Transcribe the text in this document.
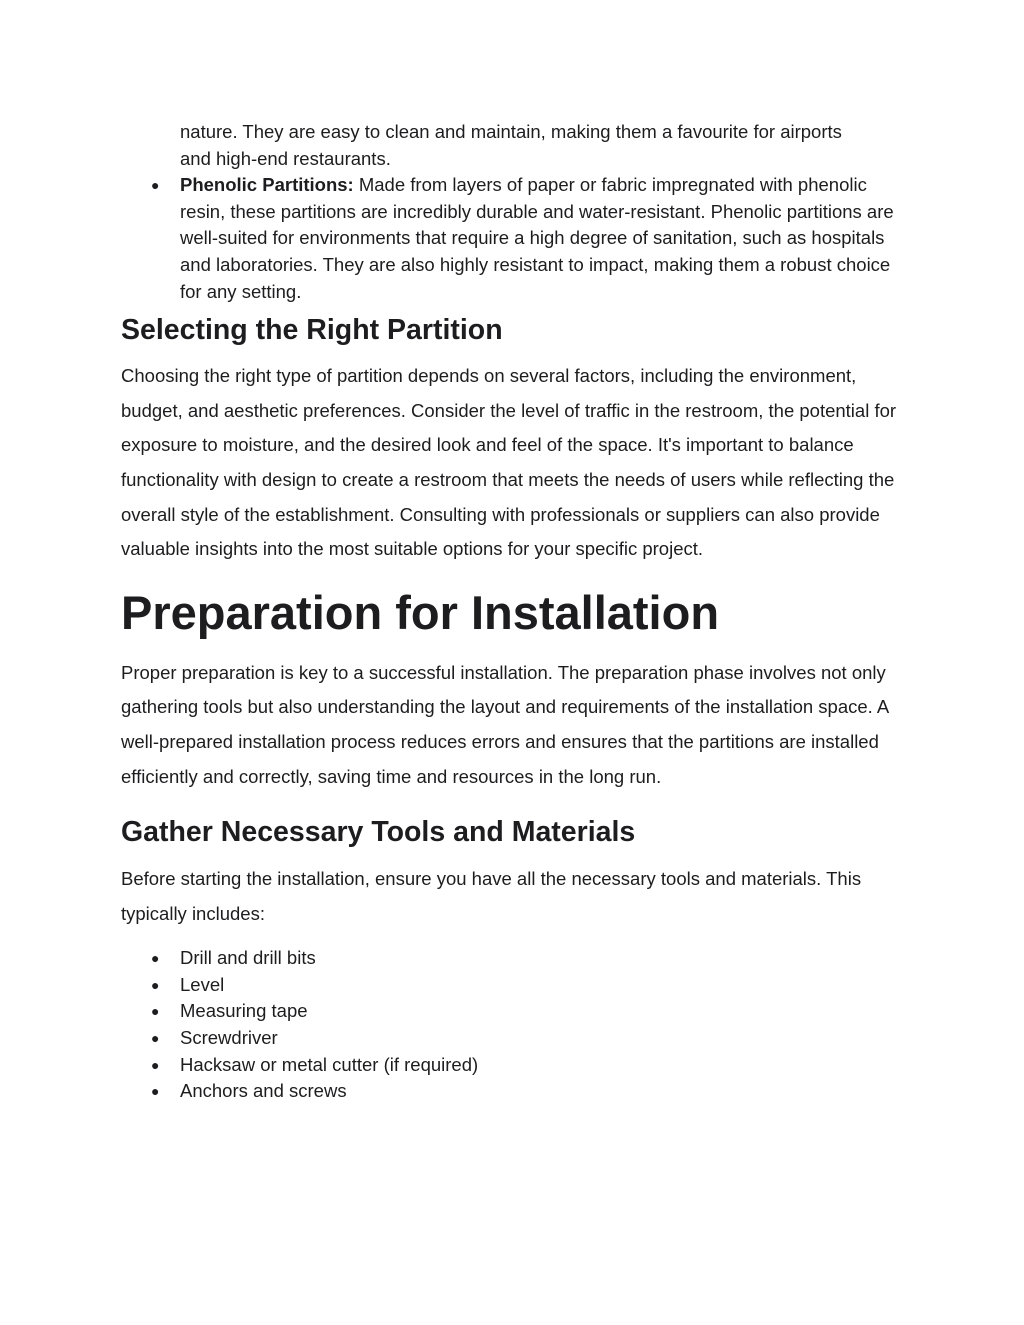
nature. They are easy to clean and maintain, making them a favourite for airports
and high-end restaurants.
● Phenolic Partitions: Made from layers of paper or fabric impregnated with phenolic resin, these partitions are incredibly durable and water-resistant. Phenolic partitions are well-suited for environments that require a high degree of sanitation, such as hospitals and laboratories. They are also highly resistant to impact, making them a robust choice for any setting.
Selecting the Right Partition

Choosing the right type of partition depends on several factors, including the environment, budget, and aesthetic preferences. Consider the level of traffic in the restroom, the potential for exposure to moisture, and the desired look and feel of the space. It's important to balance functionality with design to create a restroom that meets the needs of users while reflecting the overall style of the establishment. Consulting with professionals or suppliers can also provide valuable insights into the most suitable options for your specific project.

Preparation for Installation

Proper preparation is key to a successful installation. The preparation phase involves not only gathering tools but also understanding the layout and requirements of the installation space. A well-prepared installation process reduces errors and ensures that the partitions are installed efficiently and correctly, saving time and resources in the long run.

Gather Necessary Tools and Materials

Before starting the installation, ensure you have all the necessary tools and materials. This typically includes:

● Drill and drill bits
● Level
● Measuring tape
● Screwdriver
● Hacksaw or metal cutter (if required)
● Anchors and screws
